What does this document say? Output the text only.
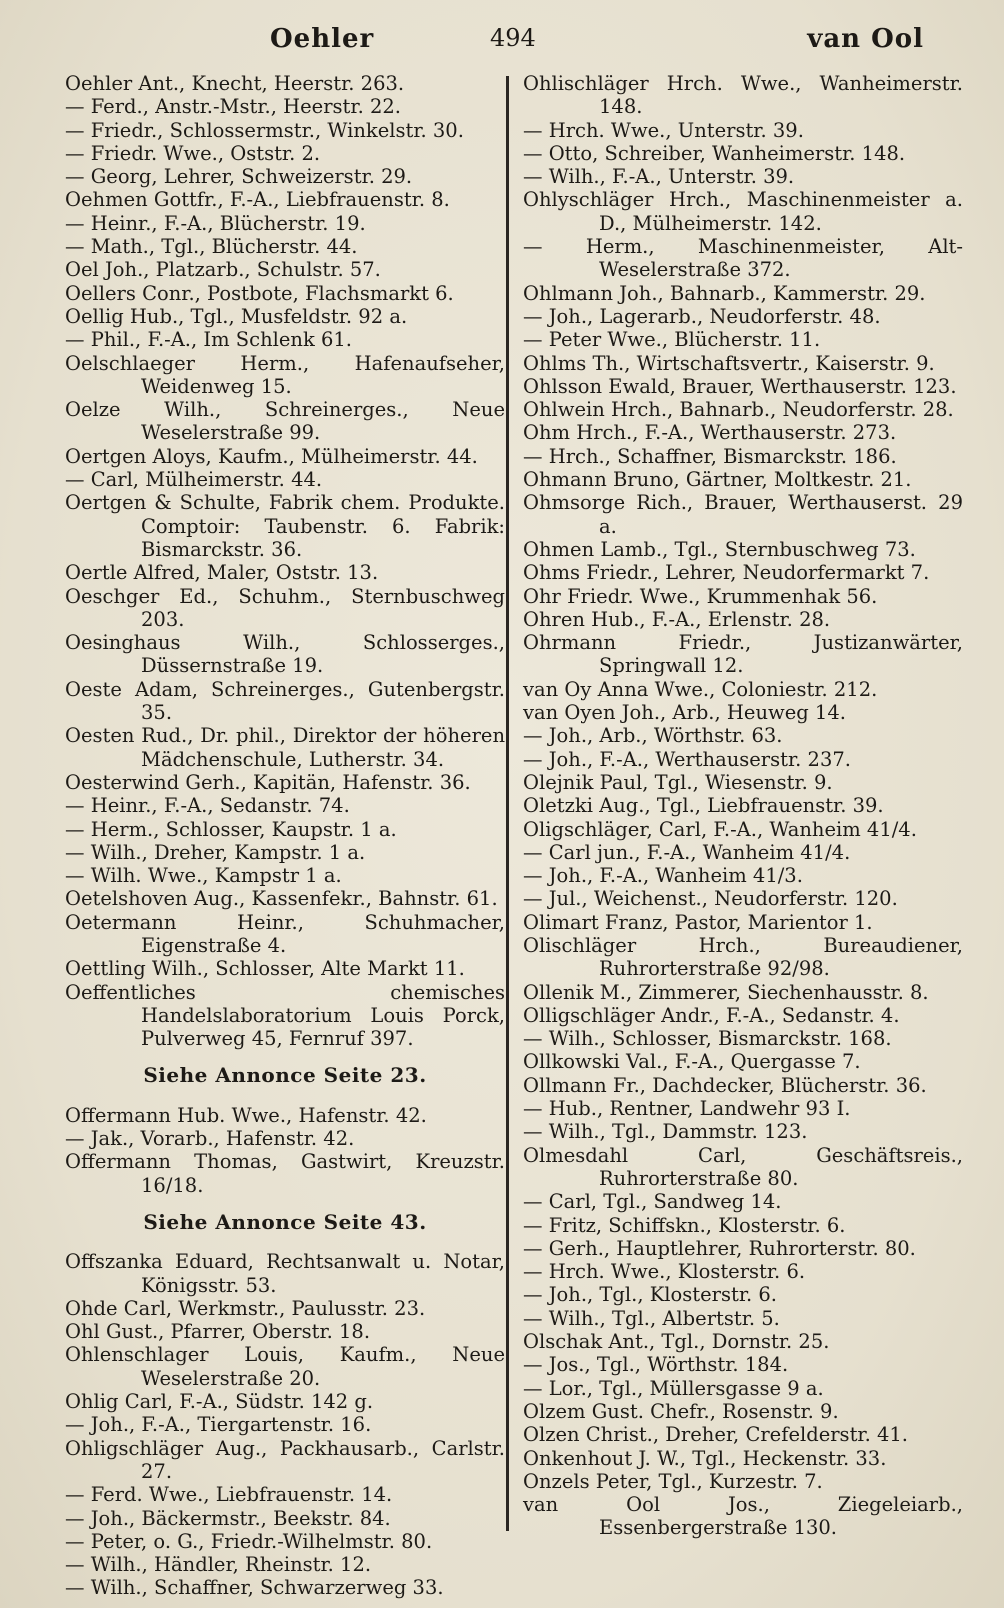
Oehler	494	van Ool
Oehler Ant., Knecht, Heerstr. 263.
— Ferd., Anstr.-Mstr., Heerstr. 22.
— Friedr., Schlossermstr., Winkelstr. 30.
— Friedr. Wwe., Oststr. 2.
— Georg, Lehrer, Schweizerstr. 29.
Oehmen Gottfr., F.-A., Liebfrauenstr. 8.
— Heinr., F.-A., Blücherstr. 19.
— Math., Tgl., Blücherstr. 44.
Oel Joh., Platzarb., Schulstr. 57.
Oellers Conr., Postbote, Flachsmarkt 6.
Oellig Hub., Tgl., Musfeldstr. 92 a.
— Phil., F.-A., Im Schlenk 61.
Oelschlaeger Herm., Hafenaufseher, Weidenweg 15.
Oelze Wilh., Schreinerges., Neue Weselerstraße 99.
Oertgen Aloys, Kaufm., Mülheimerstr. 44.
— Carl, Mülheimerstr. 44.
Oertgen & Schulte, Fabrik chem. Produkte. Comptoir: Taubenstr. 6. Fabrik: Bismarckstr. 36.
Oertle Alfred, Maler, Oststr. 13.
Oeschger Ed., Schuhm., Sternbuschweg 203.
Oesinghaus Wilh., Schlosserges., Düssernstraße 19.
Oeste Adam, Schreinerges., Gutenbergstr. 35.
Oesten Rud., Dr. phil., Direktor der höheren Mädchenschule, Lutherstr. 34.
Oesterwind Gerh., Kapitän, Hafenstr. 36.
— Heinr., F.-A., Sedanstr. 74.
— Herm., Schlosser, Kaupstr. 1 a.
— Wilh., Dreher, Kampstr. 1 a.
— Wilh. Wwe., Kampstr 1 a.
Oetelshoven Aug., Kassenfekr., Bahnstr. 61.
Oetermann Heinr., Schuhmacher, Eigenstraße 4.
Oettling Wilh., Schlosser, Alte Markt 11.
Oeffentliches chemisches Handelslaboratorium Louis Porck, Pulverweg 45, Fernruf 397.
Siehe Annonce Seite 23.
Offermann Hub. Wwe., Hafenstr. 42.
— Jak., Vorarb., Hafenstr. 42.
Offermann Thomas, Gastwirt, Kreuzstr. 16/18.
Siehe Annonce Seite 43.
Offszanka Eduard, Rechtsanwalt u. Notar, Königsstr. 53.
Ohde Carl, Werkmstr., Paulusstr. 23.
Ohl Gust., Pfarrer, Oberstr. 18.
Ohlenschlager Louis, Kaufm., Neue Weselerstraße 20.
Ohlig Carl, F.-A., Südstr. 142 g.
— Joh., F.-A., Tiergartenstr. 16.
Ohligschläger Aug., Packhausarb., Carlstr. 27.
— Ferd. Wwe., Liebfrauenstr. 14.
— Joh., Bäckermstr., Beekstr. 84.
— Peter, o. G., Friedr.-Wilhelmstr. 80.
— Wilh., Händler, Rheinstr. 12.
— Wilh., Schaffner, Schwarzerweg 33.
Ohlischläger Hrch. Wwe., Wanheimerstr. 148.
— Hrch. Wwe., Unterstr. 39.
— Otto, Schreiber, Wanheimerstr. 148.
— Wilh., F.-A., Unterstr. 39.
Ohlyschläger Hrch., Maschinenmeister a. D., Mülheimerstr. 142.
— Herm., Maschinenmeister, Alt-Weselerstraße 372.
Ohlmann Joh., Bahnarb., Kammerstr. 29.
— Joh., Lagerarb., Neudorferstr. 48.
— Peter Wwe., Blücherstr. 11.
Ohlms Th., Wirtschaftsvertr., Kaiserstr. 9.
Ohlsson Ewald, Brauer, Werthauserstr. 123.
Ohlwein Hrch., Bahnarb., Neudorferstr. 28.
Ohm Hrch., F.-A., Werthauserstr. 273.
— Hrch., Schaffner, Bismarckstr. 186.
Ohmann Bruno, Gärtner, Moltkestr. 21.
Ohmsorge Rich., Brauer, Werthauserst. 29 a.
Ohmen Lamb., Tgl., Sternbuschweg 73.
Ohms Friedr., Lehrer, Neudorfermarkt 7.
Ohr Friedr. Wwe., Krummenhak 56.
Ohren Hub., F.-A., Erlenstr. 28.
Ohrmann Friedr., Justizanwärter, Springwall 12.
van Oy Anna Wwe., Coloniestr. 212.
van Oyen Joh., Arb., Heuweg 14.
— Joh., Arb., Wörthstr. 63.
— Joh., F.-A., Werthauserstr. 237.
Olejnik Paul, Tgl., Wiesenstr. 9.
Oletzki Aug., Tgl., Liebfrauenstr. 39.
Oligschläger, Carl, F.-A., Wanheim 41/4.
— Carl jun., F.-A., Wanheim 41/4.
— Joh., F.-A., Wanheim 41/3.
— Jul., Weichenst., Neudorferstr. 120.
Olimart Franz, Pastor, Marientor 1.
Olischläger Hrch., Bureaudiener, Ruhrorterstraße 92/98.
Ollenik M., Zimmerer, Siechenhausstr. 8.
Olligschläger Andr., F.-A., Sedanstr. 4.
— Wilh., Schlosser, Bismarckstr. 168.
Ollkowski Val., F.-A., Quergasse 7.
Ollmann Fr., Dachdecker, Blücherstr. 36.
— Hub., Rentner, Landwehr 93 I.
— Wilh., Tgl., Dammstr. 123.
Olmesdahl Carl, Geschäftsreis., Ruhrorterstraße 80.
— Carl, Tgl., Sandweg 14.
— Fritz, Schiffskn., Klosterstr. 6.
— Gerh., Hauptlehrer, Ruhrorterstr. 80.
— Hrch. Wwe., Klosterstr. 6.
— Joh., Tgl., Klosterstr. 6.
— Wilh., Tgl., Albertstr. 5.
Olschak Ant., Tgl., Dornstr. 25.
— Jos., Tgl., Wörthstr. 184.
— Lor., Tgl., Müllersgasse 9 a.
Olzem Gust. Chefr., Rosenstr. 9.
Olzen Christ., Dreher, Crefelderstr. 41.
Onkenhout J. W., Tgl., Heckenstr. 33.
Onzels Peter, Tgl., Kurzestr. 7.
van Ool Jos., Ziegeleiarb., Essenbergerstraße 130.
